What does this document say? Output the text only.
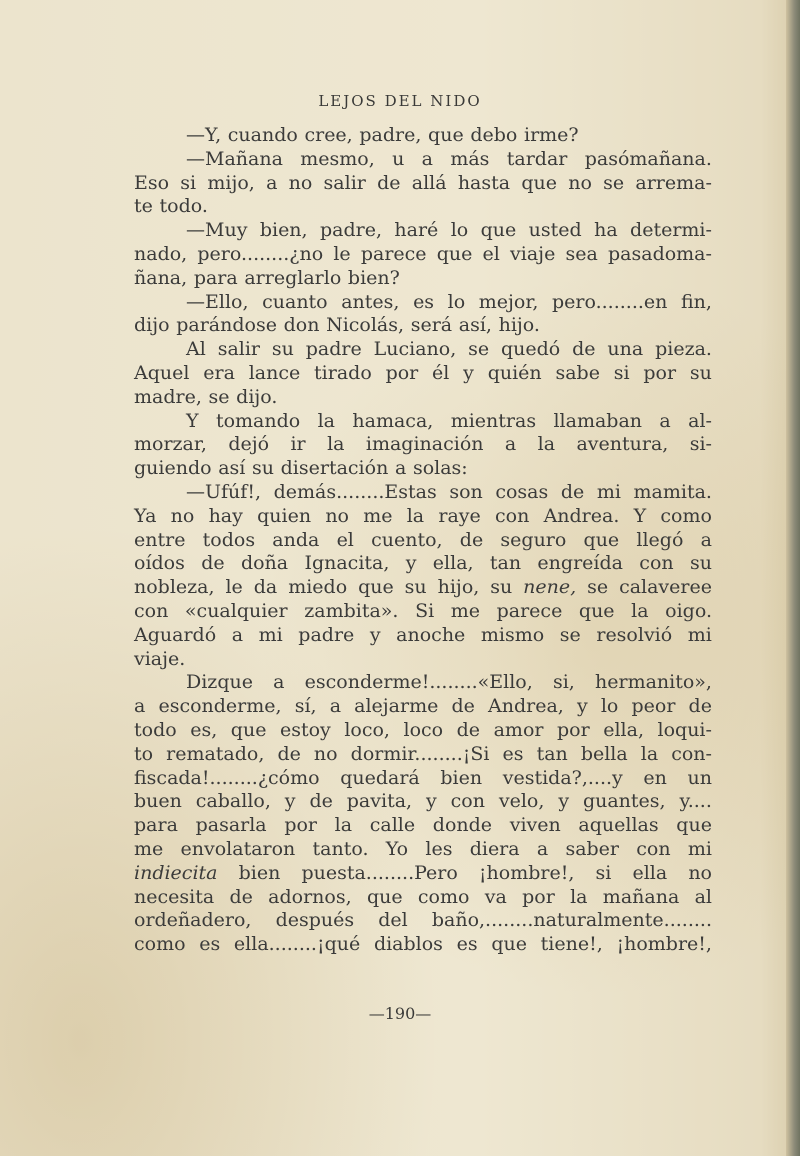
LEJOS DEL NIDO
—Y, cuando cree, padre, que debo irme?
—Mañana mesmo, u a más tardar pasómañana.
Eso si mijo, a no salir de allá hasta que no se arrema-
te todo.
—Muy bien, padre, haré lo que usted ha determi-
nado, pero........¿no le parece que el viaje sea pasadoma-
ñana, para arreglarlo bien?
—Ello, cuanto antes, es lo mejor, pero........en fin,
dijo parándose don Nicolás, será así, hijo.
Al salir su padre Luciano, se quedó de una pieza.
Aquel era lance tirado por él y quién sabe si por su
madre, se dijo.
Y tomando la hamaca, mientras llamaban a al-
morzar, dejó ir la imaginación a la aventura, si-
guiendo así su disertación a solas:
—Ufúf!, demás........Estas son cosas de mi mamita.
Ya no hay quien no me la raye con Andrea. Y como
entre todos anda el cuento, de seguro que llegó a
oídos de doña Ignacita, y ella, tan engreída con su
nobleza, le da miedo que su hijo, su nene, se calaveree
con «cualquier zambita». Si me parece que la oigo.
Aguardó a mi padre y anoche mismo se resolvió mi
viaje.
Dizque a esconderme!........«Ello, si, hermanito»,
a esconderme, sí, a alejarme de Andrea, y lo peor de
todo es, que estoy loco, loco de amor por ella, loqui-
to rematado, de no dormir........¡Si es tan bella la con-
fiscada!........¿cómo quedará bien vestida?,....y en un
buen caballo, y de pavita, y con velo, y guantes, y....
para pasarla por la calle donde viven aquellas que
me envolataron tanto. Yo les diera a saber con mi
indiecita bien puesta........Pero ¡hombre!, si ella no
necesita de adornos, que como va por la mañana al
ordeñadero, después del baño,........naturalmente........
como es ella........¡qué diablos es que tiene!, ¡hombre!,
—190—
